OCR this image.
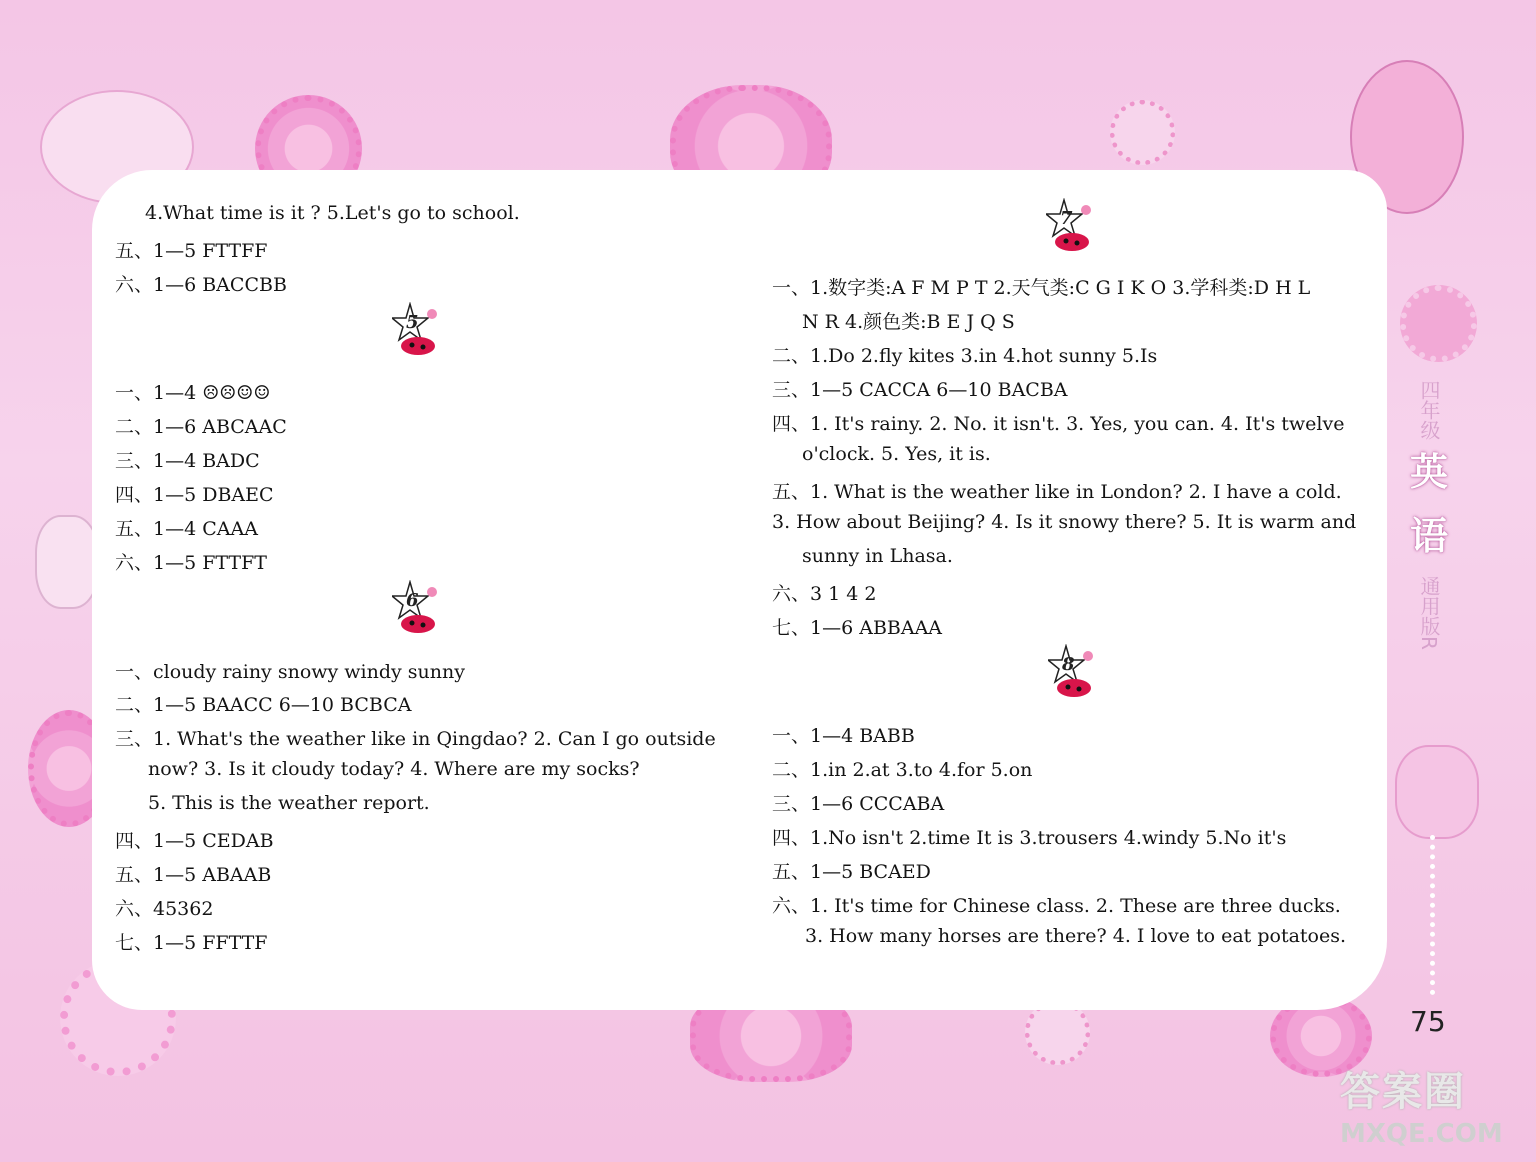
4.What time is it ? 5.Let's go to school.
五、1—5 FTTFF
六、1—6 BACCBB
一、1—4 ☹☹☺☺
二、1—6 ABCAAC
三、1—4 BADC
四、1—5 DBAEC
五、1—4 CAAA
六、1—5 FTTFT
一、cloudy rainy snowy windy sunny
二、1—5 BAACC 6—10 BCBCA
三、1. What's the weather like in Qingdao? 2. Can I go outside
now? 3. Is it cloudy today? 4. Where are my socks?
5. This is the weather report.
四、1—5 CEDAB
五、1—5 ABAAB
六、45362
七、1—5 FFTTF
一、1.数字类:A F M P T 2.天气类:C G I K O 3.学科类:D H L
N R 4.颜色类:B E J Q S
二、1.Do 2.fly kites 3.in 4.hot sunny 5.Is
三、1—5 CACCA 6—10 BACBA
四、1. It's rainy. 2. No. it isn't. 3. Yes, you can. 4. It's twelve
o'clock. 5. Yes, it is.
五、1. What is the weather like in London? 2. I have a cold.
3. How about Beijing? 4. Is it snowy there? 5. It is warm and
sunny in Lhasa.
六、3 1 4 2
七、1—6 ABBAAA
一、1—4 BABB
二、1.in 2.at 3.to 4.for 5.on
三、1—6 CCCABA
四、1.No isn't 2.time It is 3.trousers 4.windy 5.No it's
五、1—5 BCAED
六、1. It's time for Chinese class. 2. These are three ducks.
3. How many horses are there? 4. I love to eat potatoes.
5
6
7
8
四年级
英
语
通用版R
75
答案圈
MXQE.COM
